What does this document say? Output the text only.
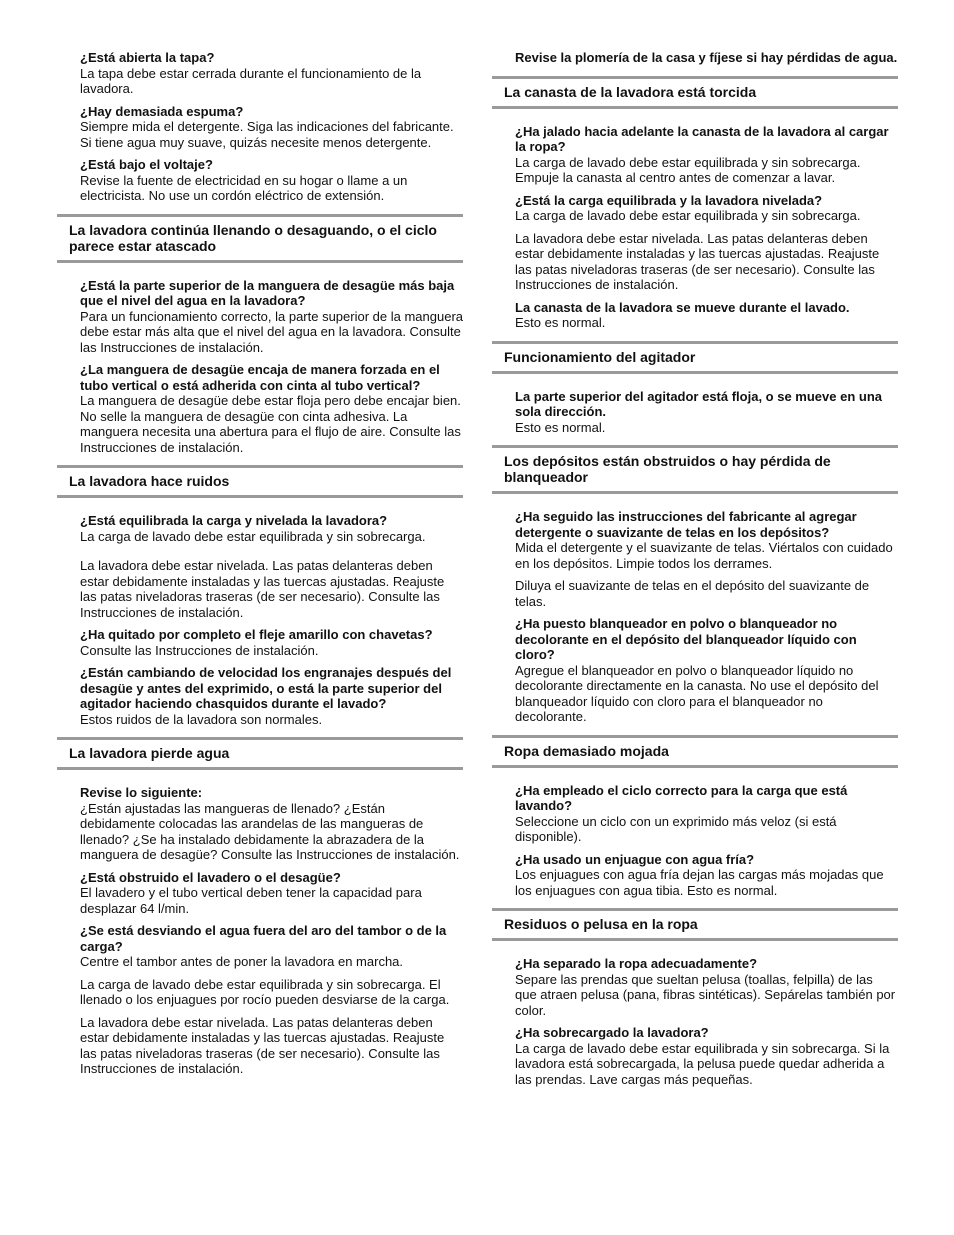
¿Está abierta la tapa?
La tapa debe estar cerrada durante el funcionamiento de la lavadora.
¿Hay demasiada espuma?
Siempre mida el detergente. Siga las indicaciones del fabricante. Si tiene agua muy suave, quizás necesite menos detergente.
¿Está bajo el voltaje?
Revise la fuente de electricidad en su hogar o llame a un electricista. No use un cordón eléctrico de extensión.
La lavadora continúa llenando o desaguando, o el ciclo parece estar atascado
¿Está la parte superior de la manguera de desagüe más baja que el nivel del agua en la lavadora?
Para un funcionamiento correcto, la parte superior de la manguera debe estar más alta que el nivel del agua en la lavadora. Consulte las Instrucciones de instalación.
¿La manguera de desagüe encaja de manera forzada en el tubo vertical o está adherida con cinta al tubo vertical?
La manguera de desagüe debe estar floja pero debe encajar bien. No selle la manguera de desagüe con cinta adhesiva. La manguera necesita una abertura para el flujo de aire. Consulte las Instrucciones de instalación.
La lavadora hace ruidos
¿Está equilibrada la carga y nivelada la lavadora?
La carga de lavado debe estar equilibrada y sin sobrecarga.
La lavadora debe estar nivelada. Las patas delanteras deben estar debidamente instaladas y las tuercas ajustadas. Reajuste las patas niveladoras traseras (de ser necesario). Consulte las Instrucciones de instalación.
¿Ha quitado por completo el fleje amarillo con chavetas?
Consulte las Instrucciones de instalación.
¿Están cambiando de velocidad los engranajes después del desagüe y antes del exprimido, o está la parte superior del agitador haciendo chasquidos durante el lavado?
Estos ruidos de la lavadora son normales.
La lavadora pierde agua
Revise lo siguiente:
¿Están ajustadas las mangueras de llenado? ¿Están debidamente colocadas las arandelas de las mangueras de llenado? ¿Se ha instalado debidamente la abrazadera de la manguera de desagüe? Consulte las Instrucciones de instalación.
¿Está obstruido el lavadero o el desagüe?
El lavadero y el tubo vertical deben tener la capacidad para desplazar 64 l/min.
¿Se está desviando el agua fuera del aro del tambor o de la carga?
Centre el tambor antes de poner la lavadora en marcha.
La carga de lavado debe estar equilibrada y sin sobrecarga. El llenado o los enjuagues por rocío pueden desviarse de la carga.
La lavadora debe estar nivelada. Las patas delanteras deben estar debidamente instaladas y las tuercas ajustadas. Reajuste las patas niveladoras traseras (de ser necesario). Consulte las Instrucciones de instalación.
Revise la plomería de la casa y fíjese si hay pérdidas de agua.
La canasta de la lavadora está torcida
¿Ha jalado hacia adelante la canasta de la lavadora al cargar la ropa?
La carga de lavado debe estar equilibrada y sin sobrecarga. Empuje la canasta al centro antes de comenzar a lavar.
¿Está la carga equilibrada y la lavadora nivelada?
La carga de lavado debe estar equilibrada y sin sobrecarga.
La lavadora debe estar nivelada. Las patas delanteras deben estar debidamente instaladas y las tuercas ajustadas. Reajuste las patas niveladoras traseras (de ser necesario). Consulte las Instrucciones de instalación.
La canasta de la lavadora se mueve durante el lavado.
Esto es normal.
Funcionamiento del agitador
La parte superior del agitador está floja, o se mueve en una sola dirección.
Esto es normal.
Los depósitos están obstruidos o hay pérdida de blanqueador
¿Ha seguido las instrucciones del fabricante al agregar detergente o suavizante de telas en los depósitos?
Mida el detergente y el suavizante de telas. Viértalos con cuidado en los depósitos. Limpie todos los derrames.
Diluya el suavizante de telas en el depósito del suavizante de telas.
¿Ha puesto blanqueador en polvo o blanqueador no decolorante en el depósito del blanqueador líquido con cloro?
Agregue el blanqueador en polvo o blanqueador líquido no decolorante directamente en la canasta. No use el depósito del blanqueador líquido con cloro para el blanqueador no decolorante.
Ropa demasiado mojada
¿Ha empleado el ciclo correcto para la carga que está lavando?
Seleccione un ciclo con un exprimido más veloz (si está disponible).
¿Ha usado un enjuague con agua fría?
Los enjuagues con agua fría dejan las cargas más mojadas que los enjuagues con agua tibia. Esto es normal.
Residuos o pelusa en la ropa
¿Ha separado la ropa adecuadamente?
Separe las prendas que sueltan pelusa (toallas, felpilla) de las que atraen pelusa (pana, fibras sintéticas). Sepárelas también por color.
¿Ha sobrecargado la lavadora?
La carga de lavado debe estar equilibrada y sin sobrecarga. Si la lavadora está sobrecargada, la pelusa puede quedar adherida a las prendas. Lave cargas más pequeñas.
